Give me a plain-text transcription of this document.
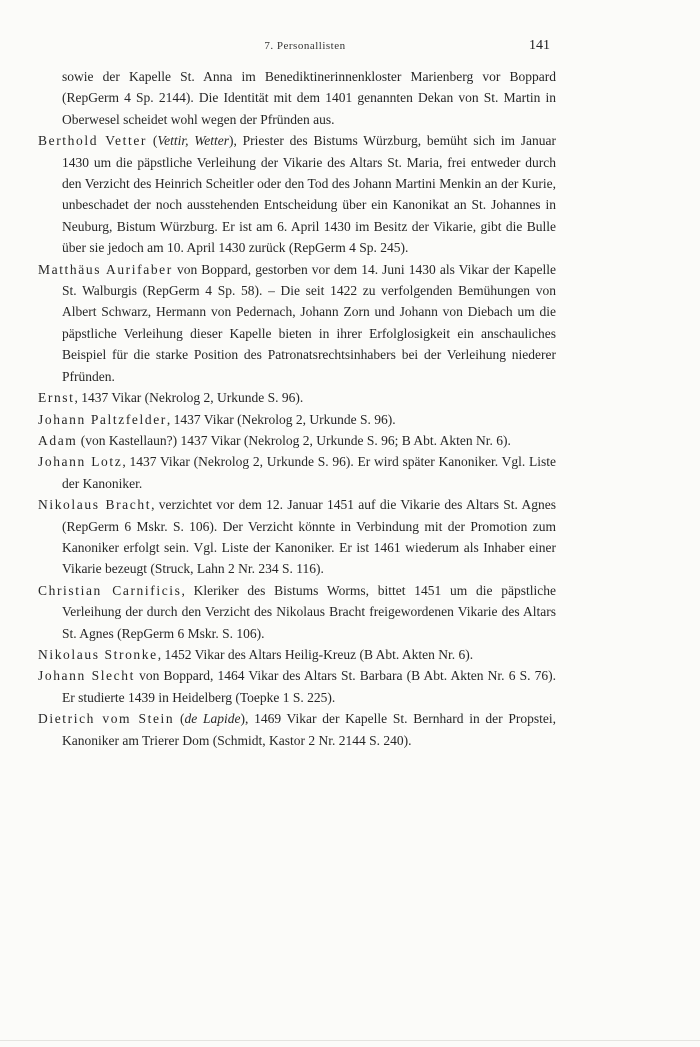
7. Personallisten	141

sowie der Kapelle St. Anna im Benediktinerinnenkloster Marienberg vor Boppard (RepGerm 4 Sp. 2144). Die Identität mit dem 1401 genannten Dekan von St. Martin in Oberwesel scheidet wohl wegen der Pfründen aus.

Berthold Vetter (Vettir, Wetter), Priester des Bistums Würzburg, bemüht sich im Januar 1430 um die päpstliche Verleihung der Vikarie des Altars St. Maria, frei entweder durch den Verzicht des Heinrich Scheitler oder den Tod des Johann Martini Menkin an der Kurie, unbeschadet der noch ausstehenden Entscheidung über ein Kanonikat an St. Johannes in Neuburg, Bistum Würzburg. Er ist am 6. April 1430 im Besitz der Vikarie, gibt die Bulle über sie jedoch am 10. April 1430 zurück (RepGerm 4 Sp. 245).

Matthäus Aurifaber von Boppard, gestorben vor dem 14. Juni 1430 als Vikar der Kapelle St. Walburgis (RepGerm 4 Sp. 58). – Die seit 1422 zu verfolgenden Bemühungen von Albert Schwarz, Hermann von Pedernach, Johann Zorn und Johann von Diebach um die päpstliche Verleihung dieser Kapelle bieten in ihrer Erfolglosigkeit ein anschauliches Beispiel für die starke Position des Patronatsrechtsinhabers bei der Verleihung niederer Pfründen.

Ernst, 1437 Vikar (Nekrolog 2, Urkunde S. 96).

Johann Paltzfelder, 1437 Vikar (Nekrolog 2, Urkunde S. 96).

Adam (von Kastellaun?) 1437 Vikar (Nekrolog 2, Urkunde S. 96; B Abt. Akten Nr. 6).

Johann Lotz, 1437 Vikar (Nekrolog 2, Urkunde S. 96). Er wird später Kanoniker. Vgl. Liste der Kanoniker.

Nikolaus Bracht, verzichtet vor dem 12. Januar 1451 auf die Vikarie des Altars St. Agnes (RepGerm 6 Mskr. S. 106). Der Verzicht könnte in Verbindung mit der Promotion zum Kanoniker erfolgt sein. Vgl. Liste der Kanoniker. Er ist 1461 wiederum als Inhaber einer Vikarie bezeugt (Struck, Lahn 2 Nr. 234 S. 116).

Christian Carnificis, Kleriker des Bistums Worms, bittet 1451 um die päpstliche Verleihung der durch den Verzicht des Nikolaus Bracht freigewordenen Vikarie des Altars St. Agnes (RepGerm 6 Mskr. S. 106).

Nikolaus Stronke, 1452 Vikar des Altars Heilig-Kreuz (B Abt. Akten Nr. 6).

Johann Slecht von Boppard, 1464 Vikar des Altars St. Barbara (B Abt. Akten Nr. 6 S. 76). Er studierte 1439 in Heidelberg (Toepke 1 S. 225).

Dietrich vom Stein (de Lapide), 1469 Vikar der Kapelle St. Bernhard in der Propstei, Kanoniker am Trierer Dom (Schmidt, Kastor 2 Nr. 2144 S. 240).
